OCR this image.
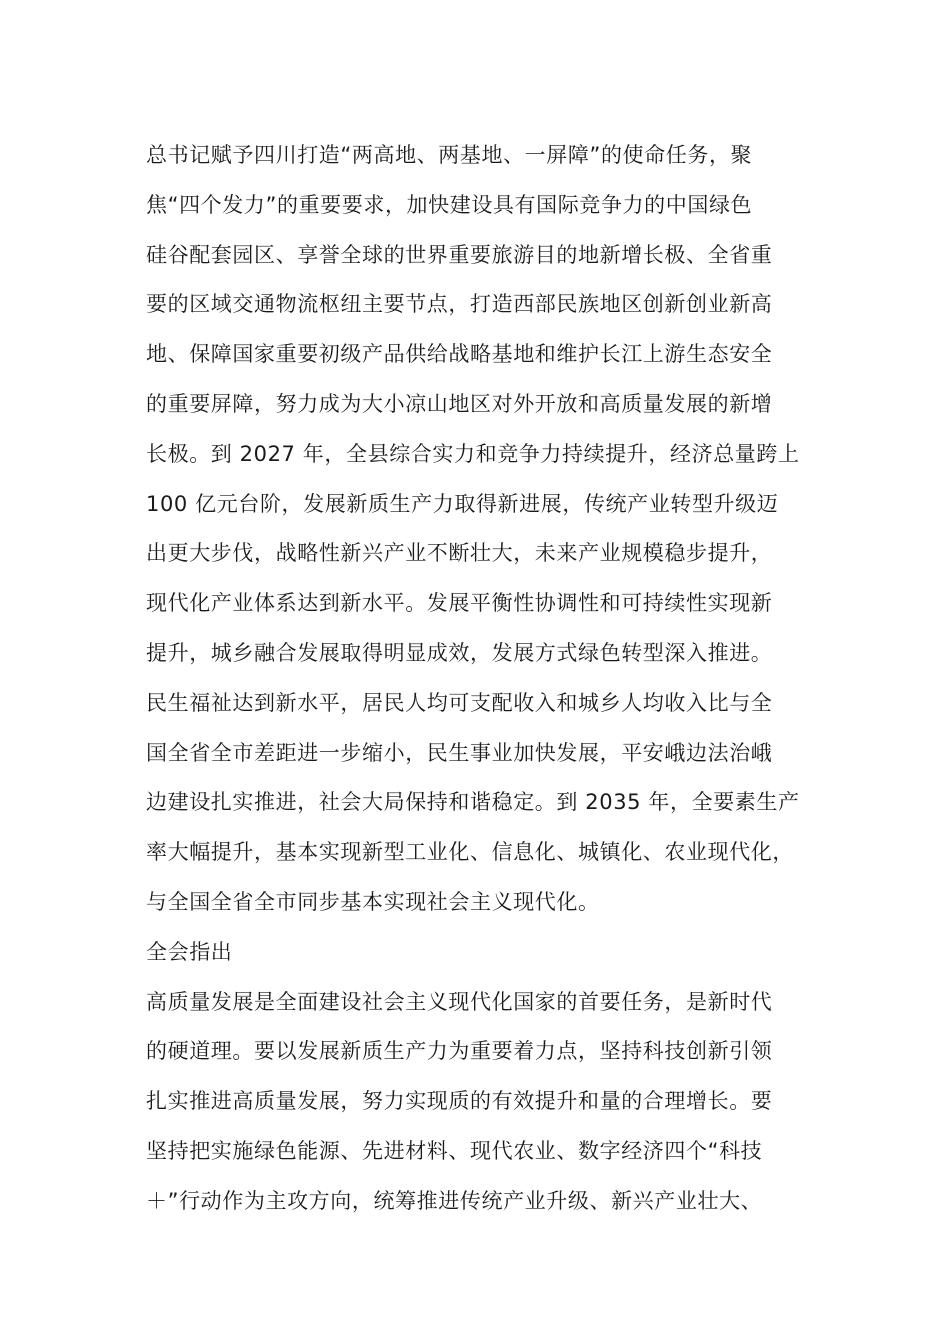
总书记赋予四川打造“两高地、两基地、一屏障”的使命任务，聚
焦“四个发力”的重要要求，加快建设具有国际竞争力的中国绿色
硅谷配套园区、享誉全球的世界重要旅游目的地新增长极、全省重
要的区域交通物流枢纽主要节点，打造西部民族地区创新创业新高
地、保障国家重要初级产品供给战略基地和维护长江上游生态安全
的重要屏障，努力成为大小凉山地区对外开放和高质量发展的新增
长极。到 2027 年，全县综合实力和竞争力持续提升，经济总量跨上
100 亿元台阶，发展新质生产力取得新进展，传统产业转型升级迈
出更大步伐，战略性新兴产业不断壮大，未来产业规模稳步提升，
现代化产业体系达到新水平。发展平衡性协调性和可持续性实现新
提升，城乡融合发展取得明显成效，发展方式绿色转型深入推进。
民生福祉达到新水平，居民人均可支配收入和城乡人均收入比与全
国全省全市差距进一步缩小，民生事业加快发展，平安峨边法治峨
边建设扎实推进，社会大局保持和谐稳定。到 2035 年，全要素生产
率大幅提升，基本实现新型工业化、信息化、城镇化、农业现代化，
与全国全省全市同步基本实现社会主义现代化。
全会指出
高质量发展是全面建设社会主义现代化国家的首要任务，是新时代
的硬道理。要以发展新质生产力为重要着力点，坚持科技创新引领
扎实推进高质量发展，努力实现质的有效提升和量的合理增长。要
坚持把实施绿色能源、先进材料、现代农业、数字经济四个“科技
＋”行动作为主攻方向，统筹推进传统产业升级、新兴产业壮大、
